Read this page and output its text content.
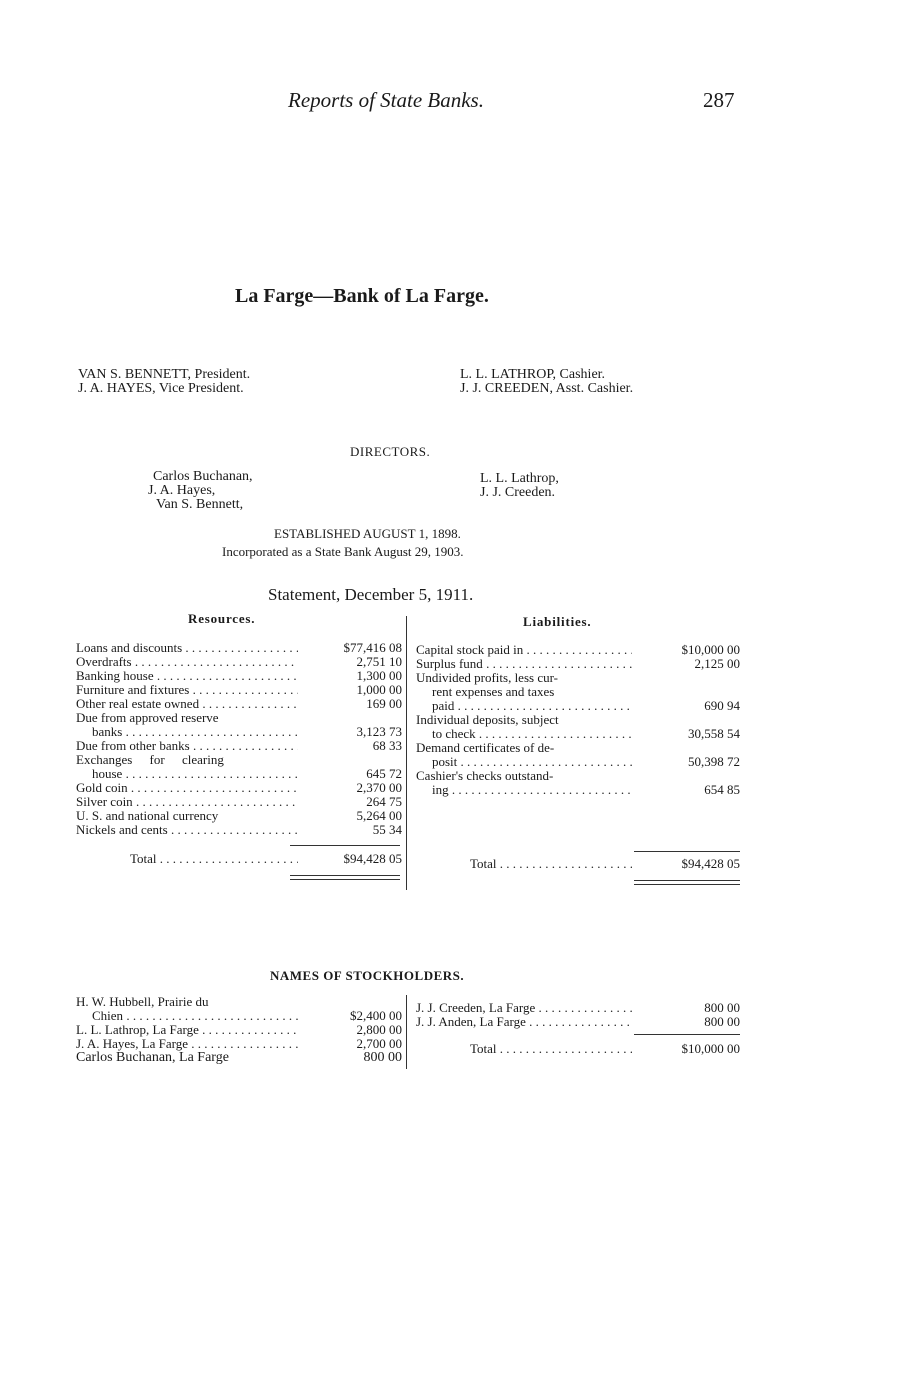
Reports of State Banks.	287
La Farge—Bank of La Farge.
VAN S. BENNETT, President.
J. A. HAYES, Vice President.
L. L. LATHROP, Cashier.
J. J. CREEDEN, Asst. Cashier.
DIRECTORS.
Carlos Buchanan,
J. A. Hayes,
Van S. Bennett,
L. L. Lathrop,
J. J. Creeden.
ESTABLISHED AUGUST 1, 1898.
Incorporated as a State Bank August 29, 1903.
Statement, December 5, 1911.
Resources.	Liabilities.
Loans and discounts . . .	$77,416 08
Overdrafts . . .	2,751 10
Banking house . . .	1,300 00
Furniture and fixtures . . .	1,000 00
Other real estate owned . . .	169 00
Due from approved reserve
banks . . .	3,123 73
Due from other banks . . .	68 33
Exchanges for clearing
house . . .	645 72
Gold coin . . .	2,370 00
Silver coin . . .	264 75
U. S. and national currency	5,264 00
Nickels and cents . . .	55 34
Total . . .	$94,428 05
Capital stock paid in . . .	$10,000 00
Surplus fund . . .	2,125 00
Undivided profits, less cur-
rent expenses and taxes
paid . . .	690 94
Individual deposits, subject
to check . . .	30,558 54
Demand certificates of de-
posit . . .	50,398 72
Cashier's checks outstand-
ing . . .	654 85
Total . . .	$94,428 05
NAMES OF STOCKHOLDERS.
H. W. Hubbell, Prairie du
Chien . . .	$2,400 00
L. L. Lathrop, La Farge . . .	2,800 00
J. A. Hayes, La Farge . . .	2,700 00
Carlos Buchanan, La Farge	800 00
J. J. Creeden, La Farge . . .	800 00
J. J. Anden, La Farge . . .	800 00
Total . . .	$10,000 00
